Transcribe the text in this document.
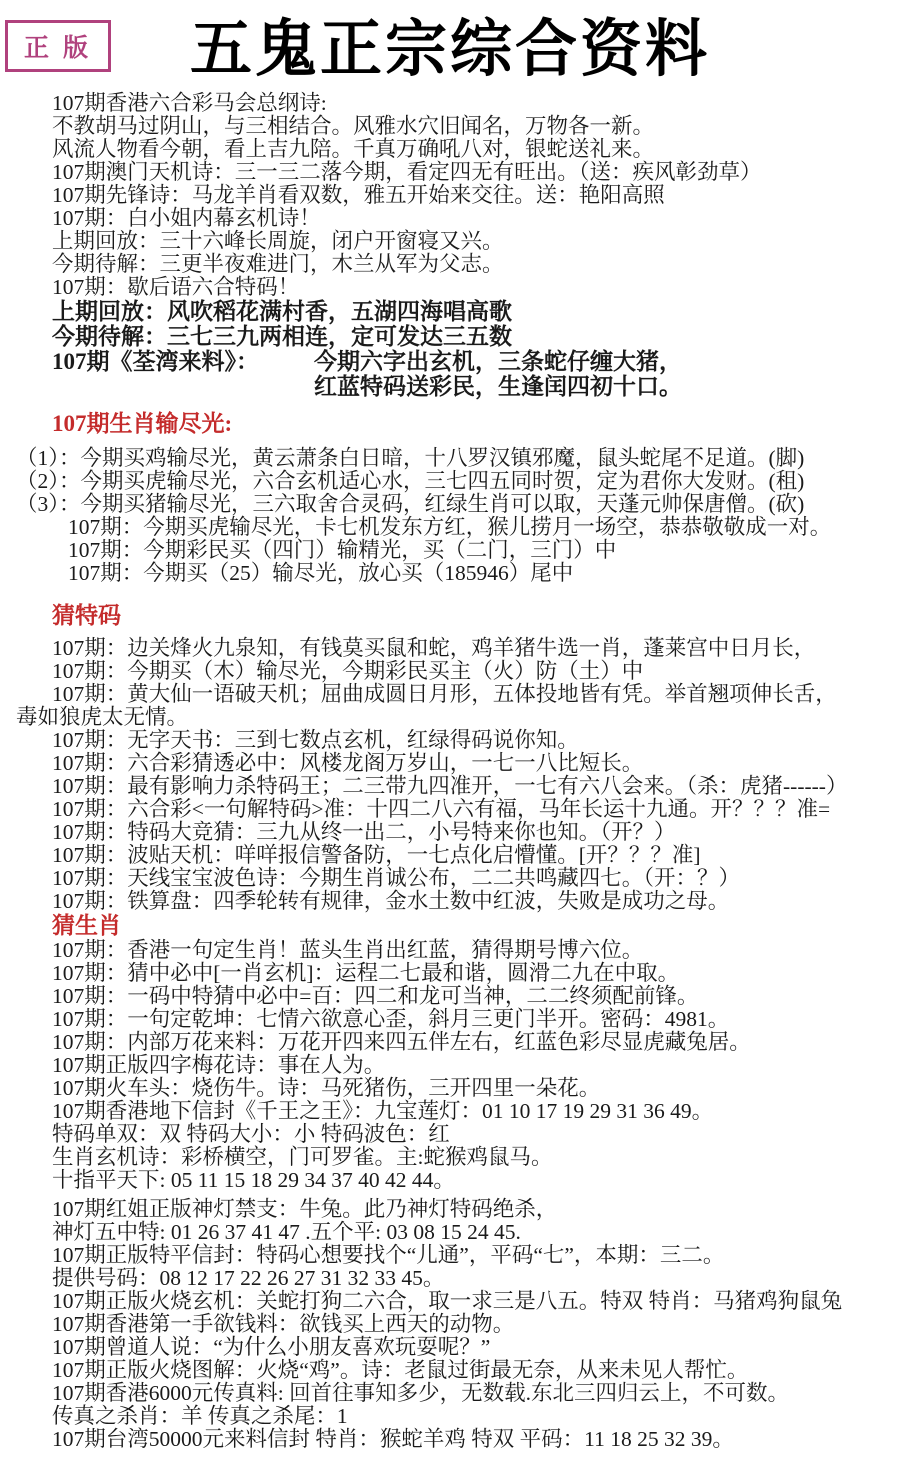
正版	五鬼正宗综合资料
107期香港六合彩马会总纲诗:
不教胡马过阴山，与三相结合。风雅水穴旧闻名，万物各一新。
风流人物看今朝，看上吉九陪。千真万确吼八对，银蛇送礼来。
107期澳门天机诗：三一三二落今期，看定四无有旺出。（送：疾风彰劲草）
107期先锋诗：马龙羊肖看双数，雅五开始来交往。送：艳阳高照
107期：白小姐内幕玄机诗！
上期回放：三十六峰长周旋，闭户开窗寝又兴。
今期待解：三更半夜难进门，木兰从军为父志。
107期：歇后语六合特码！
上期回放：风吹稻花满村香，五湖四海唱高歌
今期待解：三七三九两相连，定可发达三五数
107期《荃湾来料》： 今期六字出玄机，三条蛇仔缠大猪，
红蓝特码送彩民，生逢闰四初十口。
107期生肖输尽光:
（1）：今期买鸡输尽光，黄云萧条白日暗，十八罗汉镇邪魔，鼠头蛇尾不足道。(脚)
（2）：今期买虎输尽光，六合玄机适心水，三七四五同时贺，定为君你大发财。(租)
（3）：今期买猪输尽光，三六取舍合灵码，红绿生肖可以取，天蓬元帅保唐僧。(砍)
107期：今期买虎输尽光，卡七机发东方红，猴儿捞月一场空，恭恭敬敬成一对。
107期：今期彩民买（四门）输精光，买（二门，三门）中
107期：今期买（25）输尽光，放心买（185946）尾中
猜特码
107期：边关烽火九泉知，有钱莫买鼠和蛇，鸡羊猪牛选一肖，蓬莱宫中日月长，
107期：今期买（木）输尽光，今期彩民买主（火）防（土）中
107期：黄大仙一语破天机；屈曲成圆日月形，五体投地皆有凭。举首翘项伸长舌，
毒如狼虎太无情。
107期：无字天书：三到七数点玄机，红绿得码说你知。
107期：六合彩猜透必中：风楼龙阁万岁山，一七一八比短长。
107期：最有影响力杀特码王；二三带九四准开，一七有六八会来。（杀：虎猪------）
107期：六合彩<一句解特码>准：十四二八六有福，马年长运十九通。开？？？准=
107期：特码大竞猜：三九从终一出二，小号特来你也知。（开？）
107期：波贴天机：咩咩报信警备防，一七点化启懵懂。[开？？？准]
107期：天线宝宝波色诗：今期生肖诚公布，二二共鸣藏四七。（开：？）
107期：铁算盘：四季轮转有规律，金水土数中红波，失败是成功之母。
猜生肖
107期：香港一句定生肖！蓝头生肖出红蓝，猜得期号博六位。
107期：猜中必中[一肖玄机]：运程二七最和谐，圆滑二九在中取。
107期：一码中特猜中必中=百：四二和龙可当神，二二终须配前锋。
107期：一句定乾坤：七情六欲意心歪，斜月三更门半开。密码：4981。
107期：内部万花来料：万花开四来四五伴左右，红蓝色彩尽显虎藏兔居。
107期正版四字梅花诗：事在人为。
107期火车头：烧伤牛。诗：马死猪伤，三开四里一朵花。
107期香港地下信封《千王之王》：九宝莲灯：01 10 17 19 29 31 36 49。
特码单双：双 特码大小：小 特码波色：红
生肖玄机诗：彩桥横空，门可罗雀。主:蛇猴鸡鼠马。
十指平天下: 05 11 15 18 29 34 37 40 42 44。
107期红姐正版神灯禁支：牛兔。此乃神灯特码绝杀，
神灯五中特: 01 26 37 41 47 .五个平: 03 08 15 24 45.
107期正版特平信封：特码心想要找个“儿通”，平码“七”，本期：三二。
提供号码：08 12 17 22 26 27 31 32 33 45。
107期正版火烧玄机：关蛇打狗二六合，取一求三是八五。特双 特肖：马猪鸡狗鼠兔
107期香港第一手欲钱料：欲钱买上西天的动物。
107期曾道人说：“为什么小朋友喜欢玩耍呢？”
107期正版火烧图解：火烧“鸡”。诗：老鼠过街最无奈，从来未见人帮忙。
107期香港6000元传真料: 回首往事知多少，无数载.东北三四归云上，不可数。
传真之杀肖：羊 传真之杀尾：1
107期台湾50000元来料信封 特肖：猴蛇羊鸡 特双 平码：11 18 25 32 39。
